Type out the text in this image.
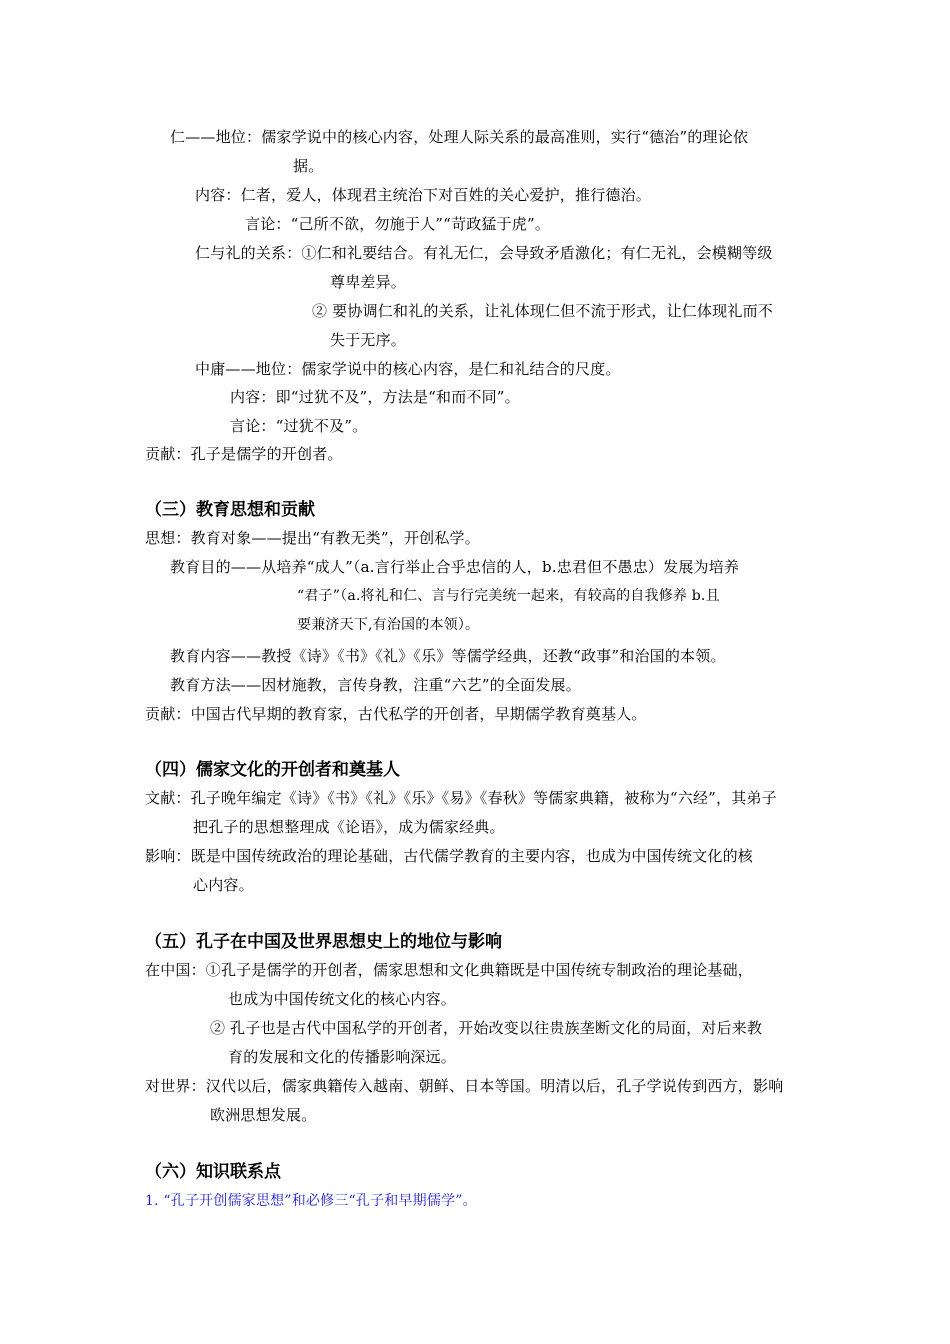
仁——地位：儒家学说中的核心内容，处理人际关系的最高准则，实行“德治”的理论依
据。
内容：仁者，爱人，体现君主统治下对百姓的关心爱护，推行德治。
言论：“己所不欲，勿施于人”“苛政猛于虎”。
仁与礼的关系：①仁和礼要结合。有礼无仁，会导致矛盾激化；有仁无礼，会模糊等级
尊卑差异。
② 要协调仁和礼的关系，让礼体现仁但不流于形式，让仁体现礼而不
失于无序。
中庸——地位：儒家学说中的核心内容，是仁和礼结合的尺度。
内容：即“过犹不及”，方法是“和而不同”。
言论：“过犹不及”。
贡献：孔子是儒学的开创者。
（三）教育思想和贡献
思想：教育对象——提出“有教无类”，开创私学。
教育目的——从培养“成人”（a.言行举止合乎忠信的人，b.忠君但不愚忠）发展为培养
“君子”（a.将礼和仁、言与行完美统一起来，有较高的自我修养 b.且
要兼济天下,有治国的本领）。
教育内容——教授《诗》《书》《礼》《乐》等儒学经典，还教“政事”和治国的本领。
教育方法——因材施教，言传身教，注重“六艺”的全面发展。
贡献：中国古代早期的教育家，古代私学的开创者，早期儒学教育奠基人。
（四）儒家文化的开创者和奠基人
文献：孔子晚年编定《诗》《书》《礼》《乐》《易》《春秋》等儒家典籍，被称为“六经”，其弟子
把孔子的思想整理成《论语》，成为儒家经典。
影响：既是中国传统政治的理论基础，古代儒学教育的主要内容，也成为中国传统文化的核
心内容。
（五）孔子在中国及世界思想史上的地位与影响
在中国：①孔子是儒学的开创者，儒家思想和文化典籍既是中国传统专制政治的理论基础，
也成为中国传统文化的核心内容。
② 孔子也是古代中国私学的开创者，开始改变以往贵族垄断文化的局面，对后来教
育的发展和文化的传播影响深远。
对世界：汉代以后，儒家典籍传入越南、朝鲜、日本等国。明清以后，孔子学说传到西方，影响
欧洲思想发展。
（六）知识联系点
1. “孔子开创儒家思想”和必修三“孔子和早期儒学”。
